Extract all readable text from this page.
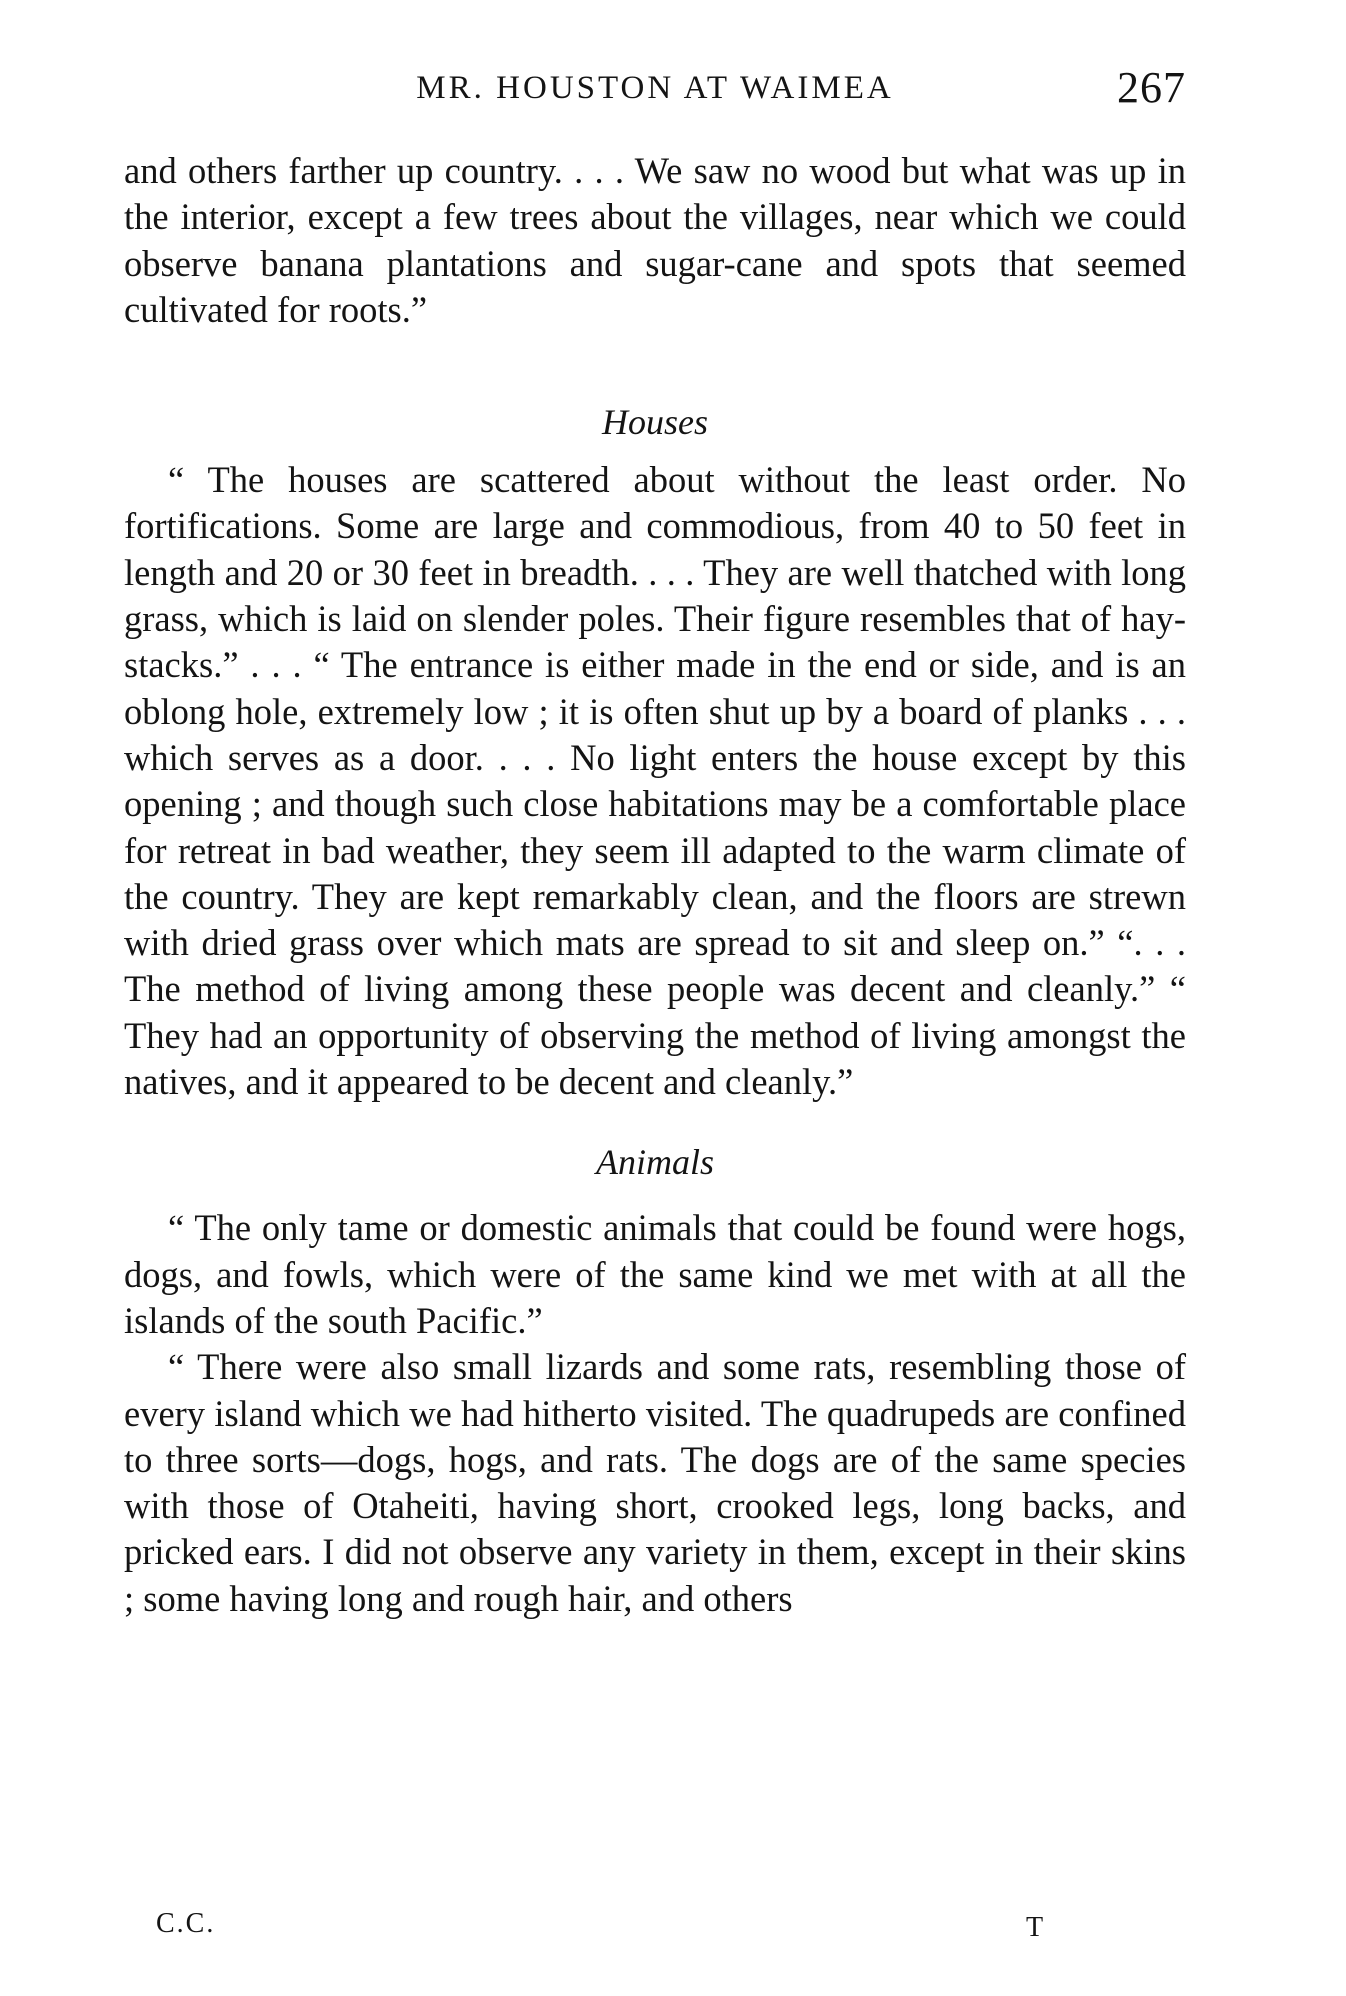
MR. HOUSTON AT WAIMEA	267

and others farther up country. . . . We saw no wood but what was up in the interior, except a few trees about the villages, near which we could observe banana plantations and sugar-cane and spots that seemed cultivated for roots.”

Houses

“ The houses are scattered about without the least order. No fortifications. Some are large and commodious, from 40 to 50 feet in length and 20 or 30 feet in breadth. . . . They are well thatched with long grass, which is laid on slender poles. Their figure resembles that of hay-stacks.” . . . “ The entrance is either made in the end or side, and is an oblong hole, extremely low ; it is often shut up by a board of planks . . . which serves as a door. . . . No light enters the house except by this opening ; and though such close habitations may be a comfortable place for retreat in bad weather, they seem ill adapted to the warm climate of the country. They are kept remarkably clean, and the floors are strewn with dried grass over which mats are spread to sit and sleep on.” “. . . The method of living among these people was decent and cleanly.” “ They had an opportunity of observing the method of living amongst the natives, and it appeared to be decent and cleanly.”

Animals

“ The only tame or domestic animals that could be found were hogs, dogs, and fowls, which were of the same kind we met with at all the islands of the south Pacific.”

“ There were also small lizards and some rats, resembling those of every island which we had hitherto visited. The quadrupeds are confined to three sorts—dogs, hogs, and rats. The dogs are of the same species with those of Otaheiti, having short, crooked legs, long backs, and pricked ears. I did not observe any variety in them, except in their skins ; some having long and rough hair, and others

C.C.	T
